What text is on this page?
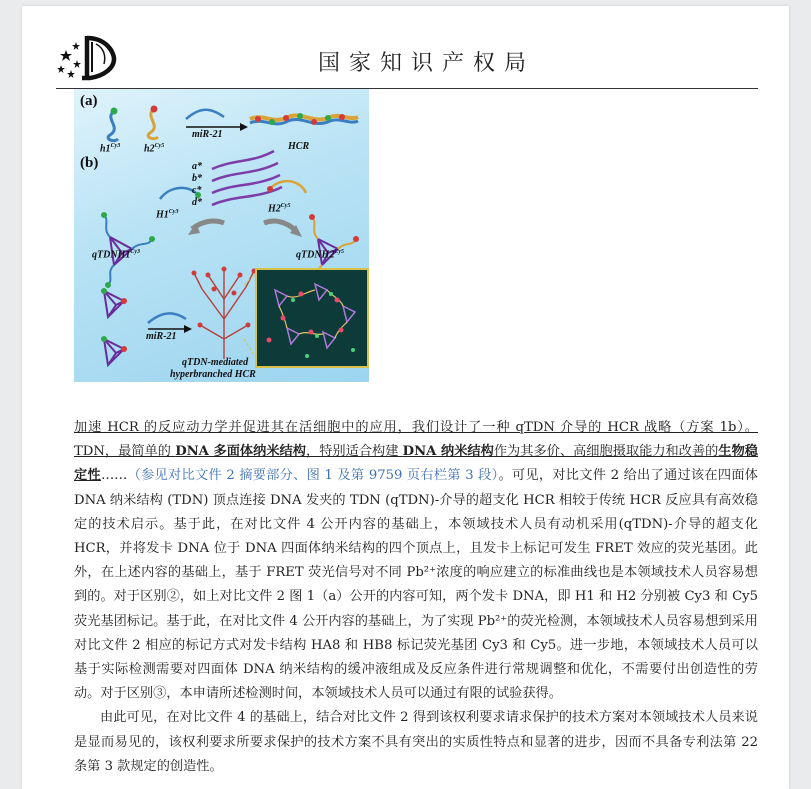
国家知识产权局
(a)
(b)
$h1^{Cy3}$ $h2^{Cy5}$
miR-21
HCR
a*
b*
c*
d*
$H1^{Cy3}$	$H2^{Cy5}$
$qTDNH1^{Cy3}$	$qTDNH2^{Cy5}$
miR-21
qTDN-mediated
hyperbranched HCR

加速 HCR 的反应动力学并促进其在活细胞中的应用，我们设计了一种 qTDN 介导的 HCR 战略（方案 1b）。 TDN，最简单的 DNA 多面体纳米结构，特别适合构建 DNA 纳米结构作为其多价、高细胞摄取能力和改善的生物稳定性……（参见对比文件 2 摘要部分、图 1 及第 9759 页右栏第 3 段）。可见，对比文件 2 给出了通过该在四面体 DNA 纳米结构 (TDN) 顶点连接 DNA 发夹的 TDN (qTDN)-介导的超支化 HCR 相较于传统 HCR 反应具有高效稳定的技术启示。基于此，在对比文件 4 公开内容的基础上，本领域技术人员有动机采用(qTDN)-介导的超支化 HCR，并将发卡 DNA 位于 DNA 四面体纳米结构的四个顶点上，且发卡上标记可发生 FRET 效应的荧光基团。此外，在上述内容的基础上，基于 FRET 荧光信号对不同 Pb²⁺浓度的响应建立的标准曲线也是本领域技术人员容易想到的。对于区别②，如上对比文件 2 图 1（a）公开的内容可知，两个发卡 DNA，即 H1 和 H2 分别被 Cy3 和 Cy5 荧光基团标记。基于此，在对比文件 4 公开内容的基础上，为了实现 Pb²⁺的荧光检测，本领域技术人员容易想到采用对比文件 2 相应的标记方式对发卡结构 HA8 和 HB8 标记荧光基团 Cy3 和 Cy5。进一步地，本领域技术人员可以基于实际检测需要对四面体 DNA 纳米结构的缓冲液组成及反应条件进行常规调整和优化，不需要付出创造性的劳动。对于区别③，本申请所述检测时间，本领域技术人员可以通过有限的试验获得。

由此可见，在对比文件 4 的基础上，结合对比文件 2 得到该权利要求请求保护的技术方案对本领域技术人员来说是显而易见的，该权利要求所要求保护的技术方案不具有突出的实质性特点和显著的进步，因而不具备专利法第 22 条第 3 款规定的创造性。
